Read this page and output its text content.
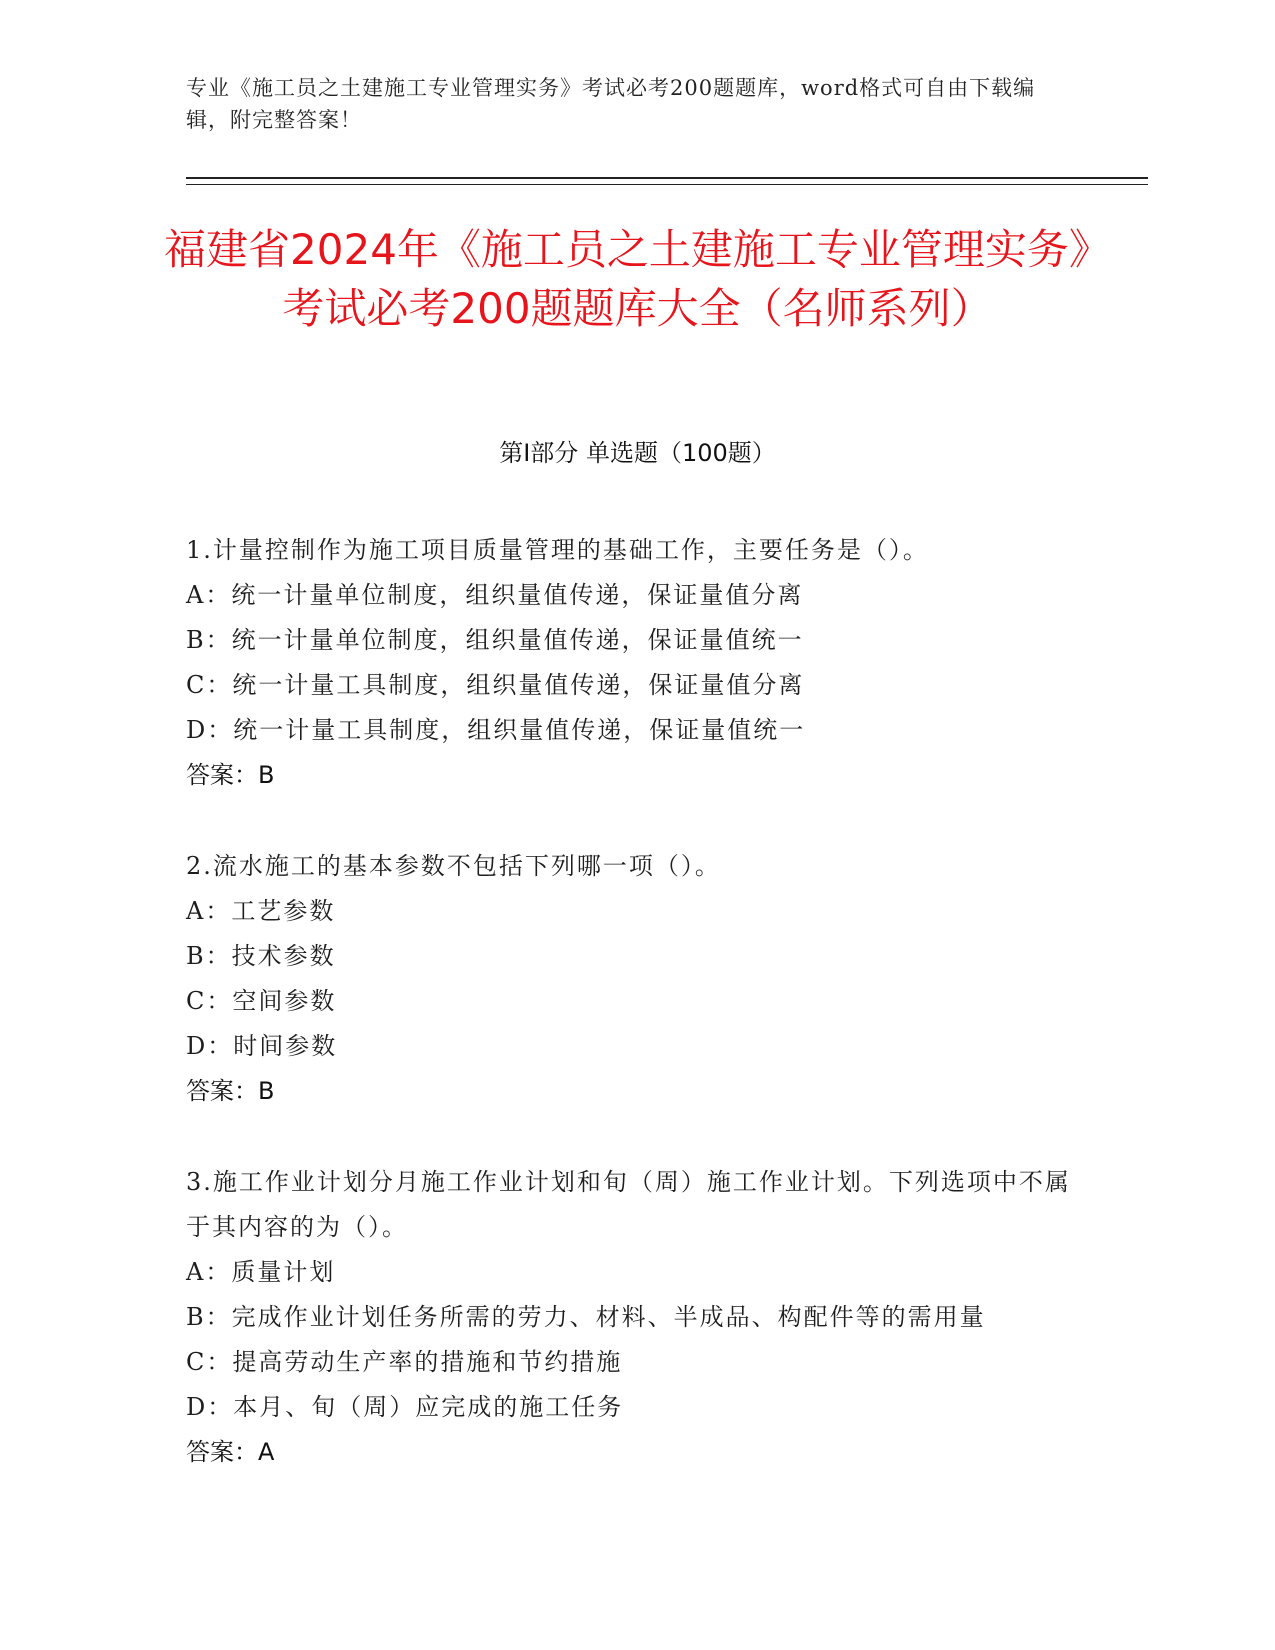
专业《施工员之土建施工专业管理实务》考试必考200题题库，word格式可自由下载编辑，附完整答案！
福建省2024年《施工员之土建施工专业管理实务》考试必考200题题库大全（名师系列）
第I部分 单选题（100题）

1.计量控制作为施工项目质量管理的基础工作，主要任务是（）。

A：统一计量单位制度，组织量值传递，保证量值分离

B：统一计量单位制度，组织量值传递，保证量值统一

C：统一计量工具制度，组织量值传递，保证量值分离

D：统一计量工具制度，组织量值传递，保证量值统一

答案：B

2.流水施工的基本参数不包括下列哪一项（）。

A：工艺参数

B：技术参数

C：空间参数

D：时间参数

答案：B

3.施工作业计划分月施工作业计划和旬（周）施工作业计划。下列选项中不属于其内容的为（）。

A：质量计划

B：完成作业计划任务所需的劳力、材料、半成品、构配件等的需用量

C：提高劳动生产率的措施和节约措施

D：本月、旬（周）应完成的施工任务

答案：A
